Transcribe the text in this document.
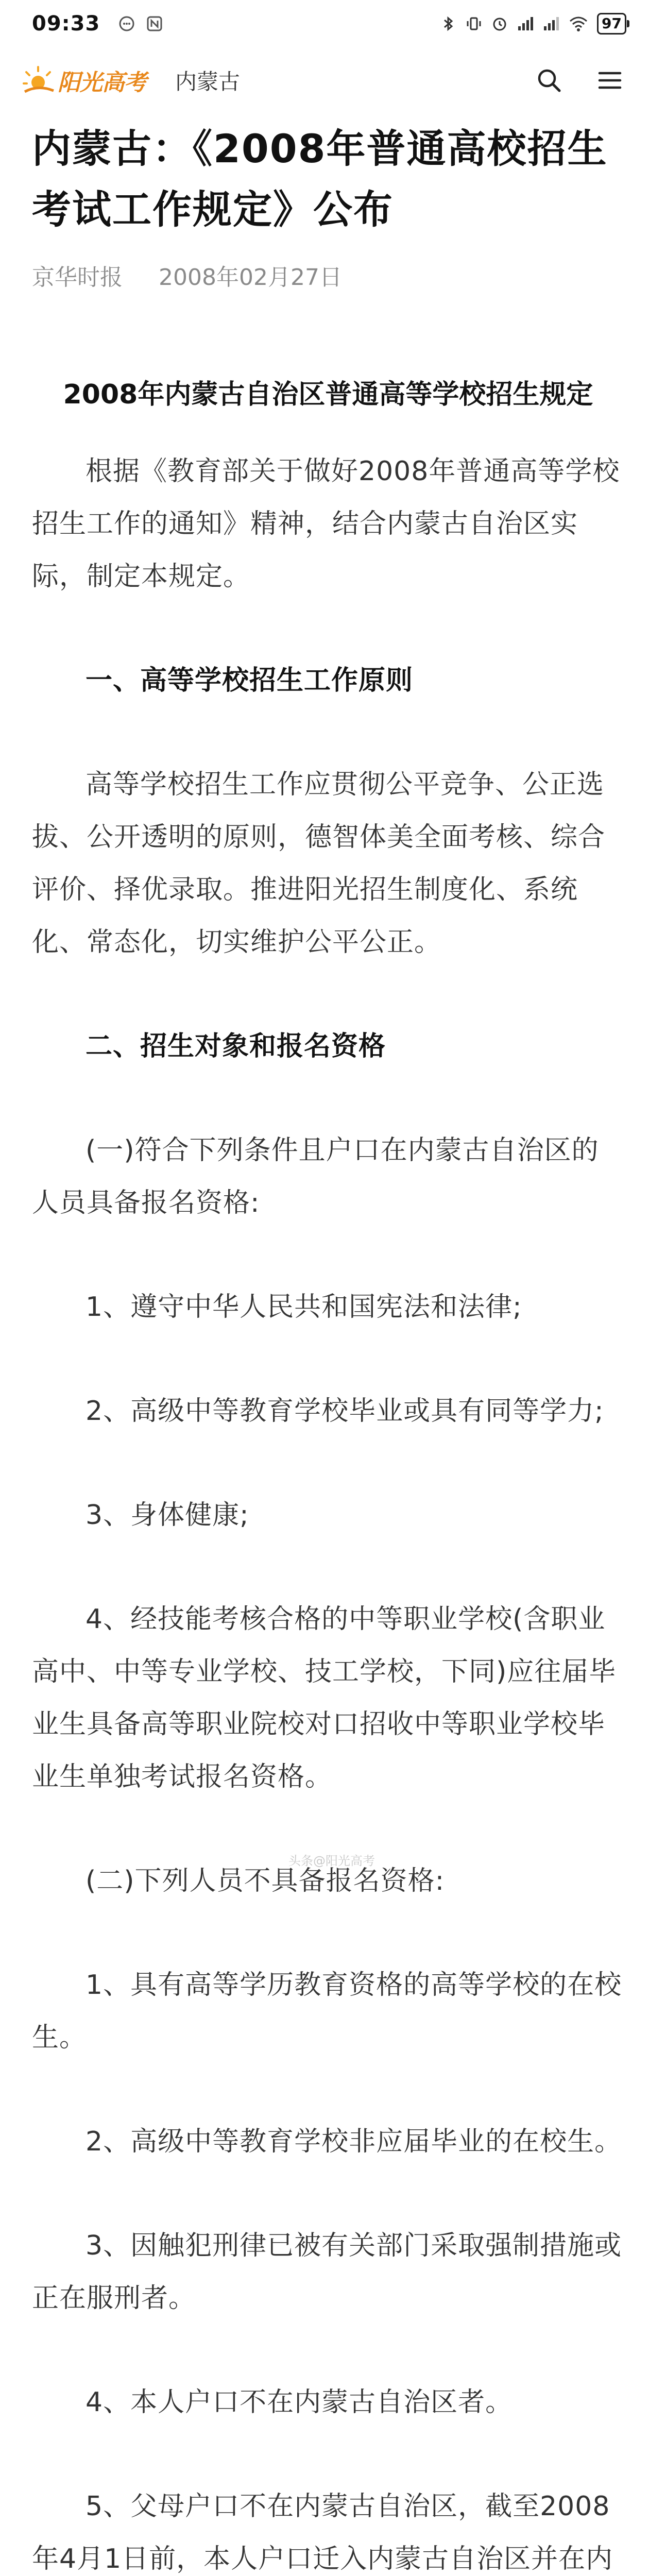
09:33	97
阳光高考 内蒙古
内蒙古：《2008年普通高校招生考试工作规定》公布
京华时报 2008年02月27日
2008年内蒙古自治区普通高等学校招生规定

根据《教育部关于做好2008年普通高等学校招生工作的通知》精神，结合内蒙古自治区实际，制定本规定。

一、高等学校招生工作原则

高等学校招生工作应贯彻公平竞争、公正选拔、公开透明的原则，德智体美全面考核、综合评价、择优录取。推进阳光招生制度化、系统化、常态化，切实维护公平公正。

二、招生对象和报名资格

(一)符合下列条件且户口在内蒙古自治区的人员具备报名资格:

1、遵守中华人民共和国宪法和法律;

2、高级中等教育学校毕业或具有同等学力;

3、身体健康;

4、经技能考核合格的中等职业学校(含职业高中、中等专业学校、技工学校，下同)应往届毕业生具备高等职业院校对口招收中等职业学校毕业生单独考试报名资格。

(二)下列人员不具备报名资格:

1、具有高等学历教育资格的高等学校的在校生。

2、高级中等教育学校非应届毕业的在校生。

3、因触犯刑律已被有关部门采取强制措施或正在服刑者。

4、本人户口不在内蒙古自治区者。

5、父母户口不在内蒙古自治区，截至2008年4月1日前，本人户口迁入内蒙古自治区并在内

头条@阳光高考
